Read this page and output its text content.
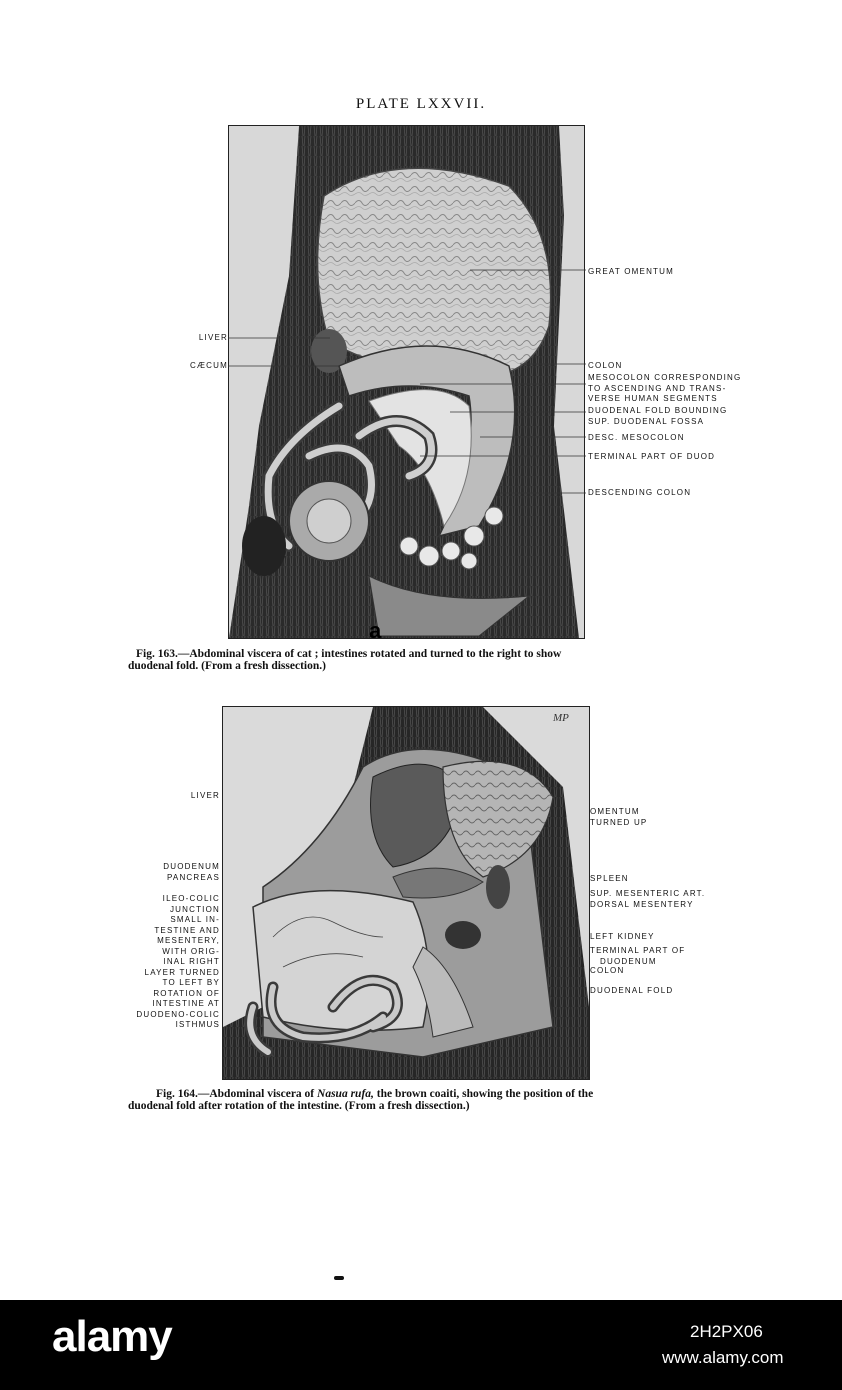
PLATE LXXVII.
a
LIVER
CÆCUM
GREAT OMENTUM
COLON
MESOCOLON CORRESPONDING
TO ASCENDING AND TRANS-
VERSE HUMAN SEGMENTS
DUODENAL FOLD BOUNDING
SUP. DUODENAL FOSSA
DESC. MESOCOLON
TERMINAL PART OF DUOD
DESCENDING COLON
Fig. 163.—Abdominal viscera of cat ; intestines rotated and turned to the right to show
duodenal fold. (From a fresh dissection.)
MP
LIVER
DUODENUM
PANCREAS
ILEO-COLIC
JUNCTION
SMALL IN-
TESTINE AND
MESENTERY,
WITH ORIG-
INAL RIGHT
LAYER TURNED
TO LEFT BY
ROTATION OF
INTESTINE AT
DUODENO-COLIC
ISTHMUS
OMENTUM
TURNED UP
SPLEEN
SUP. MESENTERIC ART.
DORSAL MESENTERY
LEFT KIDNEY
TERMINAL PART OF
DUODENUM
COLON
DUODENAL FOLD
Fig. 164.—Abdominal viscera of Nasua rufa, the brown coaiti, showing the position of the
duodenal fold after rotation of the intestine. (From a fresh dissection.)
alamy	2H2PX06
www.alamy.com
